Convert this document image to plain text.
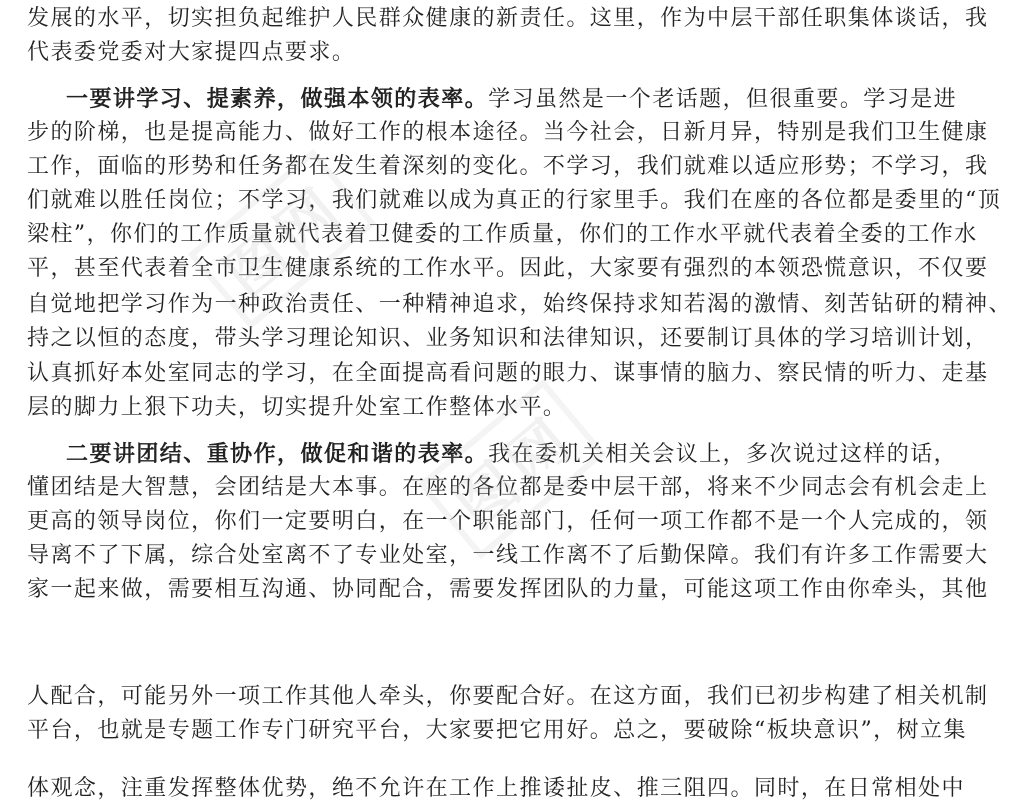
发展的水平，切实担负起维护人民群众健康的新责任。这里，作为中层干部任职集体谈话，我
代表委党委对大家提四点要求。
一要讲学习、提素养，做强本领的表率。学习虽然是一个老话题，但很重要。学习是进
步的阶梯，也是提高能力、做好工作的根本途径。当今社会，日新月异，特别是我们卫生健康
工作，面临的形势和任务都在发生着深刻的变化。不学习，我们就难以适应形势；不学习，我
们就难以胜任岗位；不学习，我们就难以成为真正的行家里手。我们在座的各位都是委里的“顶
梁柱”，你们的工作质量就代表着卫健委的工作质量，你们的工作水平就代表着全委的工作水
平，甚至代表着全市卫生健康系统的工作水平。因此，大家要有强烈的本领恐慌意识，不仅要
自觉地把学习作为一种政治责任、一种精神追求，始终保持求知若渴的激情、刻苦钻研的精神、
持之以恒的态度，带头学习理论知识、业务知识和法律知识，还要制订具体的学习培训计划，
认真抓好本处室同志的学习，在全面提高看问题的眼力、谋事情的脑力、察民情的听力、走基
层的脚力上狠下功夫，切实提升处室工作整体水平。
二要讲团结、重协作，做促和谐的表率。我在委机关相关会议上，多次说过这样的话，
懂团结是大智慧，会团结是大本事。在座的各位都是委中层干部，将来不少同志会有机会走上
更高的领导岗位，你们一定要明白，在一个职能部门，任何一项工作都不是一个人完成的，领
导离不了下属，综合处室离不了专业处室，一线工作离不了后勤保障。我们有许多工作需要大
家一起来做，需要相互沟通、协同配合，需要发挥团队的力量，可能这项工作由你牵头，其他
图网
图网
人配合，可能另外一项工作其他人牵头，你要配合好。在这方面，我们已初步构建了相关机制
平台，也就是专题工作专门研究平台，大家要把它用好。总之，要破除“板块意识”，树立集
体观念，注重发挥整体优势，绝不允许在工作上推诿扯皮、推三阻四。同时，在日常相处中
